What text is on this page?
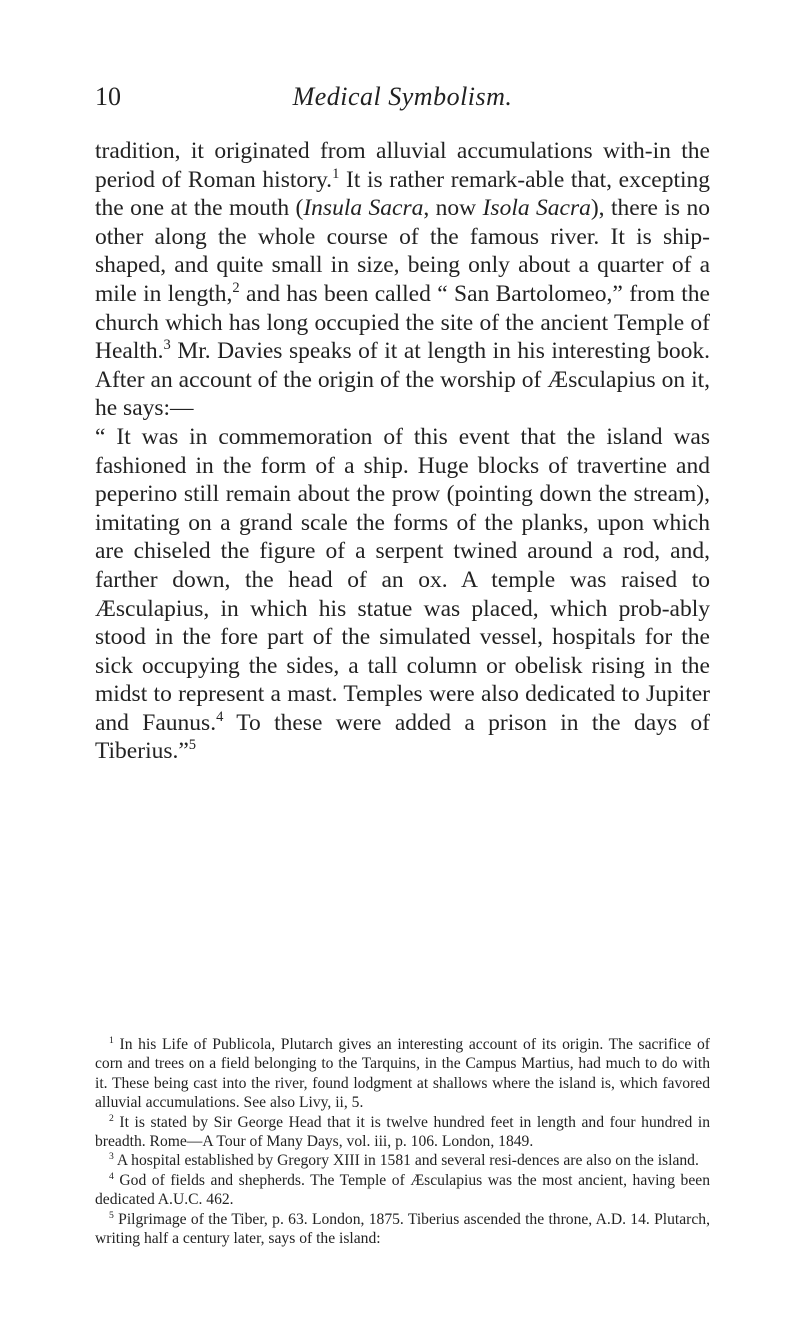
10	Medical Symbolism.

tradition, it originated from alluvial accumulations with-in the period of Roman history.$^1$ It is rather remark-able that, excepting the one at the mouth (Insula Sacra, now Isola Sacra), there is no other along the whole course of the famous river. It is ship-shaped, and quite small in size, being only about a quarter of a mile in length,$^2$ and has been called “ San Bartolomeo,” from the church which has long occupied the site of the ancient Temple of Health.$^3$ Mr. Davies speaks of it at length in his interesting book. After an account of the origin of the worship of Æsculapius on it, he says:—

“ It was in commemoration of this event that the island was fashioned in the form of a ship. Huge blocks of travertine and peperino still remain about the prow (pointing down the stream), imitating on a grand scale the forms of the planks, upon which are chiseled the figure of a serpent twined around a rod, and, farther down, the head of an ox. A temple was raised to Æsculapius, in which his statue was placed, which prob-ably stood in the fore part of the simulated vessel, hospitals for the sick occupying the sides, a tall column or obelisk rising in the midst to represent a mast. Temples were also dedicated to Jupiter and Faunus.$^4$ To these were added a prison in the days of Tiberius.”$^5$

$^1$ In his Life of Publicola, Plutarch gives an interesting account of its origin. The sacrifice of corn and trees on a field belonging to the Tarquins, in the Campus Martius, had much to do with it. These being cast into the river, found lodgment at shallows where the island is, which favored alluvial accumulations. See also Livy, ii, 5.

$^2$ It is stated by Sir George Head that it is twelve hundred feet in length and four hundred in breadth. Rome—A Tour of Many Days, vol. iii, p. 106. London, 1849.

$^3$ A hospital established by Gregory XIII in 1581 and several resi-dences are also on the island.

$^4$ God of fields and shepherds. The Temple of Æsculapius was the most ancient, having been dedicated A.U.C. 462.

$^5$ Pilgrimage of the Tiber, p. 63. London, 1875. Tiberius ascended the throne, A.D. 14. Plutarch, writing half a century later, says of the island:
